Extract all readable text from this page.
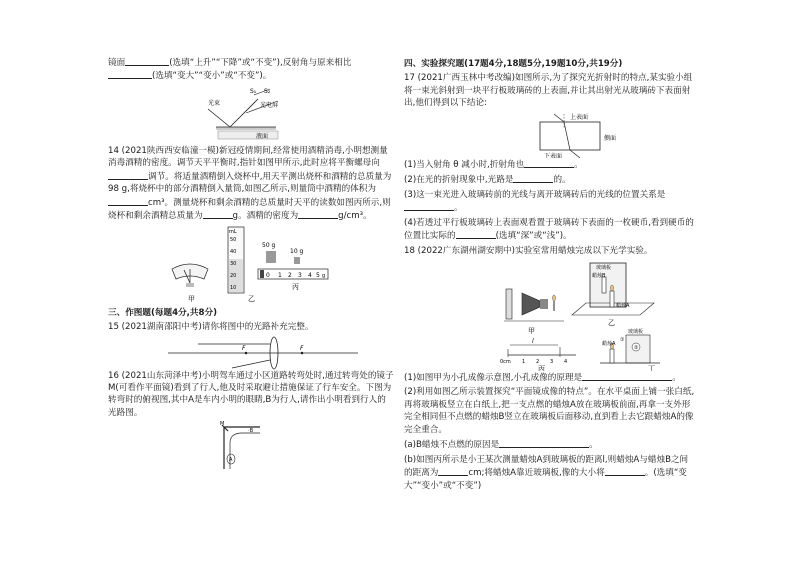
镜面	(选填“上升”“下降”或“不变”),反射角与原来相比(选填“变大”“变小”或“不变”)。

光束
S₁ S₂
光电屏
液面

14 (2021陕西西安临潼一模)新冠疫情期间,经常使用酒精消毒,小明想测量消毒酒精的密度。调节天平平衡时,指针如图甲所示,此时应将平衡螺母向调节。将适量酒精倒入烧杯中,用天平测出烧杯和酒精的总质量为98 g,将烧杯中的部分酒精倒入量筒,如图乙所示,则量筒中酒精的体积为cm³。测量烧杯和剩余酒精的总质量时天平的读数如图丙所示,则烧杯和剩余酒精总质量为	g。酒精的密度为	g/cm³。

甲
mL
50
40
30
20
10
乙
50 g
10 g
0 1 2 3 4 5 g
丙

三、作图题(每题4分,共8分)

15 (2021湖南邵阳中考)请你将图中的光路补充完整。

F	F

16 (2021山东菏泽中考)小明驾车通过小区道路转弯处时,通过转弯处的镜子M(可看作平面镜)看到了行人,他及时采取避让措施保证了行车安全。下图为转弯时的俯视图,其中A是车内小明的眼睛,B为行人,请作出小明看到行人的光路图。

M
·B
A

四、实验探究题(17题4分,18题5分,19题10分,共19分)

17 (2021广西玉林中考改编)如图所示,为了探究光折射时的特点,某实验小组将一束光斜射到一块平行板玻璃砖的上表面,并让其出射光从玻璃砖下表面射出,他们得到以下结论:

上表面
侧面
下表面

(1)当入射角 θ 减小时,折射角也	。

(2)在光的折射现象中,光路是	的。

(3)这一束光进入玻璃砖前的光线与离开玻璃砖后的光线的位置关系是。

(4)若透过平行板玻璃砖上表面观看置于玻璃砖下表面的一枚硬币,看到硬币的位置比实际的	(选填“深”或“浅”)。

18 (2022广东湖州湖安期中)实验室常用蜡烛完成以下光学实验。

甲
玻璃板
蜡烛B
蜡烛A
乙
l
0cm 1 2 3 4
丙
玻璃板
蜡烛A
①
②
丁

(1)如图甲为小孔成像示意图,小孔成像的原理是	。

(2)利用如图乙所示装置探究“平面镜成像的特点”。在水平桌面上铺一张白纸,再将玻璃板竖立在白纸上,把一支点燃的蜡烛A放在玻璃板前面,再拿一支外形完全相同但不点燃的蜡烛B竖立在玻璃板后面移动,直到看上去它跟蜡烛A的像完全重合。

(a)B蜡烛不点燃的原因是	。

(b)如图丙所示是小王某次测量蜡烛A到玻璃板的距离l,则蜡烛A与蜡烛B之间的距离为	cm;将蜡烛A靠近玻璃板,像的大小将	。(选填“变大”“变小”或“不变”)
